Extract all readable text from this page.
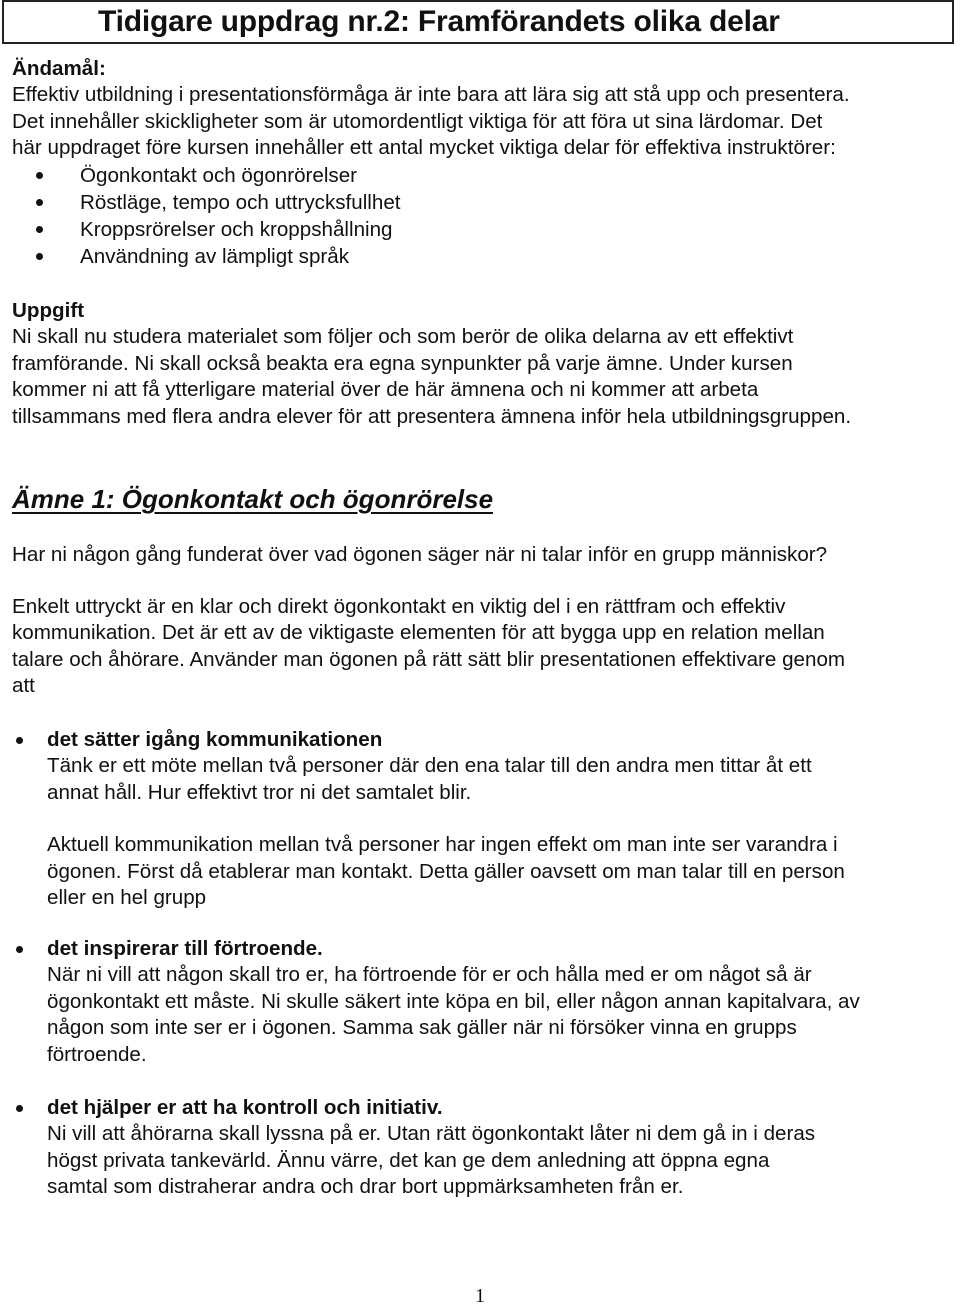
Tidigare uppdrag nr.2: Framförandets olika delar

Ändamål:

Effektiv utbildning i presentationsförmåga är inte bara att lära sig att stå upp och presentera.

Det innehåller skickligheter som är utomordentligt viktiga för att föra ut sina lärdomar. Det

här uppdraget före kursen innehåller ett antal mycket viktiga delar för effektiva instruktörer:

Ögonkontakt och ögonrörelser
Röstläge, tempo och uttrycksfullhet
Kroppsrörelser och kroppshållning
Användning av lämpligt språk

Uppgift

Ni skall nu studera materialet som följer och som berör de olika delarna av ett effektivt

framförande. Ni skall också beakta era egna synpunkter på varje ämne. Under kursen

kommer ni att få ytterligare material över de här ämnena och ni kommer att arbeta

tillsammans med flera andra elever för att presentera ämnena inför hela utbildningsgruppen.

Ämne 1: Ögonkontakt och ögonrörelse

Har ni någon gång funderat över vad ögonen säger när ni talar inför en grupp människor?

Enkelt uttryckt är en klar och direkt ögonkontakt en viktig del i en rättfram och effektiv

kommunikation. Det är ett av de viktigaste elementen för att bygga upp en relation mellan

talare och åhörare. Använder man ögonen på rätt sätt blir presentationen effektivare genom

att

det sätter igång kommunikationen

Tänk er ett möte mellan två personer där den ena talar till den andra men tittar åt ett

annat håll. Hur effektivt tror ni det samtalet blir.

Aktuell kommunikation mellan två personer har ingen effekt om man inte ser varandra i

ögonen. Först då etablerar man kontakt. Detta gäller oavsett om man talar till en person

eller en hel grupp

det inspirerar till förtroende.

När ni vill att någon skall tro er, ha förtroende för er och hålla med er om något så är

ögonkontakt ett måste. Ni skulle säkert inte köpa en bil, eller någon annan kapitalvara, av

någon som inte ser er i ögonen. Samma sak gäller när ni försöker vinna en grupps

förtroende.

det hjälper er att ha kontroll och initiativ.

Ni vill att åhörarna skall lyssna på er. Utan rätt ögonkontakt låter ni dem gå in i deras

högst privata tankevärld. Ännu värre, det kan ge dem anledning att öppna egna

samtal som distraherar andra och drar bort uppmärksamheten från er.

1
